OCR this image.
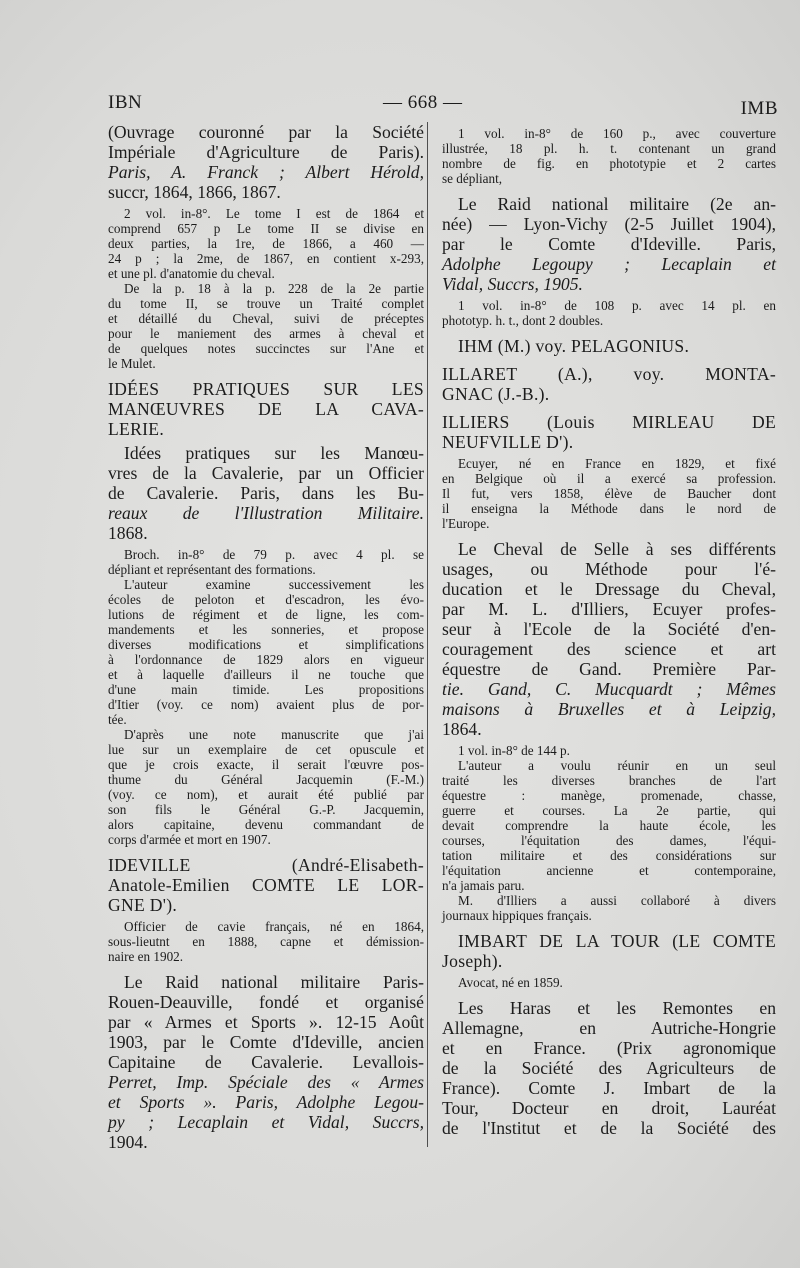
IBN	— 668 —	IMB
(Ouvrage couronné par la Société
Impériale d'Agriculture de Paris).
Paris, A. Franck ; Albert Hérold,
succr, 1864, 1866, 1867.
2 vol. in-8°. Le tome I est de 1864 et
comprend 657 p Le tome II se divise en
deux parties, la 1re, de 1866, a 460 —
24 p ; la 2me, de 1867, en contient x-293,
et une pl. d'anatomie du cheval.
De la p. 18 à la p. 228 de la 2e partie
du tome II, se trouve un Traité complet
et détaillé du Cheval, suivi de préceptes
pour le maniement des armes à cheval et
de quelques notes succinctes sur l'Ane et
le Mulet.
IDÉES PRATIQUES SUR LES
MANŒUVRES DE LA CAVA-
LERIE.
Idées pratiques sur les Manœu-
vres de la Cavalerie, par un Officier
de Cavalerie. Paris, dans les Bu-
reaux de l'Illustration Militaire.
1868.
Broch. in-8° de 79 p. avec 4 pl. se
dépliant et représentant des formations.
L'auteur examine successivement les
écoles de peloton et d'escadron, les évo-
lutions de régiment et de ligne, les com-
mandements et les sonneries, et propose
diverses modifications et simplifications
à l'ordonnance de 1829 alors en vigueur
et à laquelle d'ailleurs il ne touche que
d'une main timide. Les propositions
d'Itier (voy. ce nom) avaient plus de por-
tée.
D'après une note manuscrite que j'ai
lue sur un exemplaire de cet opuscule et
que je crois exacte, il serait l'œuvre pos-
thume du Général Jacquemin (F.-M.)
(voy. ce nom), et aurait été publié par
son fils le Général G.-P. Jacquemin,
alors capitaine, devenu commandant de
corps d'armée et mort en 1907.
IDEVILLE (André-Elisabeth-
Anatole-Emilien COMTE LE LOR-
GNE D').
Officier de cavie français, né en 1864,
sous-lieutnt en 1888, capne et démission-
naire en 1902.
Le Raid national militaire Paris-
Rouen-Deauville, fondé et organisé
par « Armes et Sports ». 12-15 Août
1903, par le Comte d'Ideville, ancien
Capitaine de Cavalerie. Levallois-
Perret, Imp. Spéciale des « Armes
et Sports ». Paris, Adolphe Legou-
py ; Lecaplain et Vidal, Succrs,
1904.
1 vol. in-8° de 160 p., avec couverture
illustrée, 18 pl. h. t. contenant un grand
nombre de fig. en phototypie et 2 cartes
se dépliant,
Le Raid national militaire (2e an-
née) — Lyon-Vichy (2-5 Juillet 1904),
par le Comte d'Ideville. Paris,
Adolphe Legoupy ; Lecaplain et
Vidal, Succrs, 1905.
1 vol. in-8° de 108 p. avec 14 pl. en
phototyp. h. t., dont 2 doubles.
IHM (M.) voy. PELAGONIUS.
ILLARET (A.), voy. MONTA-
GNAC (J.-B.).
ILLIERS (Louis MIRLEAU DE
NEUFVILLE D').
Ecuyer, né en France en 1829, et fixé
en Belgique où il a exercé sa profession.
Il fut, vers 1858, élève de Baucher dont
il enseigna la Méthode dans le nord de
l'Europe.
Le Cheval de Selle à ses différents
usages, ou Méthode pour l'é-
ducation et le Dressage du Cheval,
par M. L. d'Illiers, Ecuyer profes-
seur à l'Ecole de la Société d'en-
couragement des science et art
équestre de Gand. Première Par-
tie. Gand, C. Mucquardt ; Mêmes
maisons à Bruxelles et à Leipzig,
1864.
1 vol. in-8° de 144 p.
L'auteur a voulu réunir en un seul
traité les diverses branches de l'art
équestre : manège, promenade, chasse,
guerre et courses. La 2e partie, qui
devait comprendre la haute école, les
courses, l'équitation des dames, l'équi-
tation militaire et des considérations sur
l'équitation ancienne et contemporaine,
n'a jamais paru.
M. d'Illiers a aussi collaboré à divers
journaux hippiques français.
IMBART DE LA TOUR (LE COMTE
Joseph).
Avocat, né en 1859.
Les Haras et les Remontes en
Allemagne, en Autriche-Hongrie
et en France. (Prix agronomique
de la Société des Agriculteurs de
France). Comte J. Imbart de la
Tour, Docteur en droit, Lauréat
de l'Institut et de la Société des
